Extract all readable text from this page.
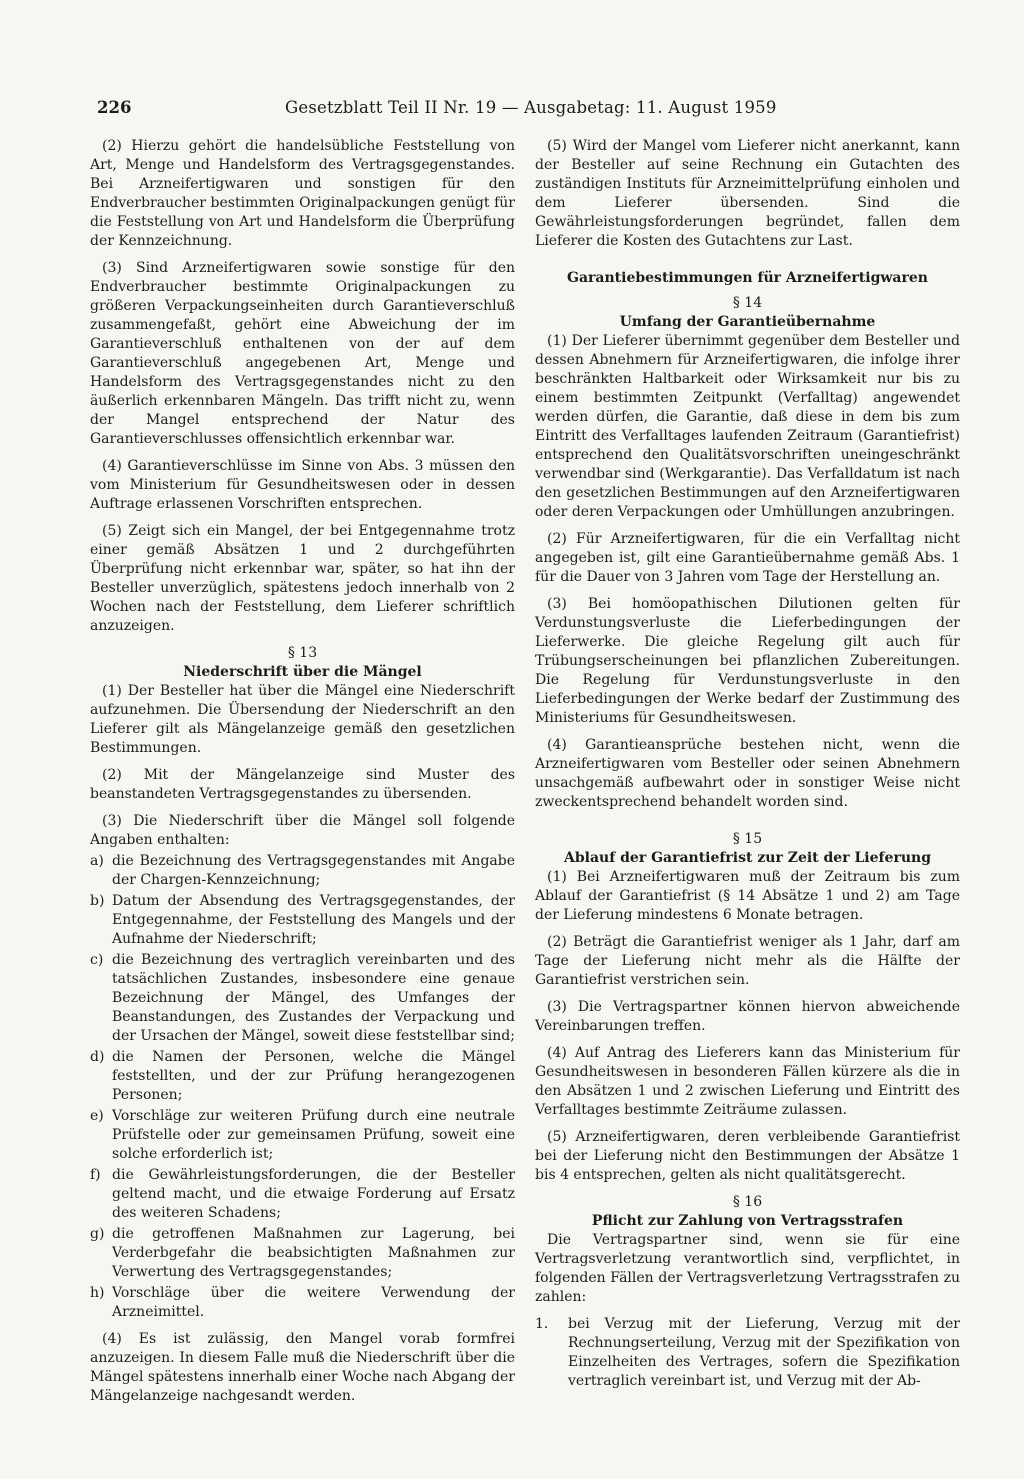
226	Gesetzblatt Teil II Nr. 19 — Ausgabetag: 11. August 1959

(2) Hierzu gehört die handelsübliche Feststellung von Art, Menge und Handelsform des Vertragsgegenstandes. Bei Arzneifertigwaren und sonstigen für den Endverbraucher bestimmten Originalpackungen genügt für die Feststellung von Art und Handelsform die Überprüfung der Kennzeichnung.

(3) Sind Arzneifertigwaren sowie sonstige für den Endverbraucher bestimmte Originalpackungen zu größeren Verpackungseinheiten durch Garantieverschluß zusammengefaßt, gehört eine Abweichung der im Garantieverschluß enthaltenen von der auf dem Garantieverschluß angegebenen Art, Menge und Handelsform des Vertragsgegenstandes nicht zu den äußerlich erkennbaren Mängeln. Das trifft nicht zu, wenn der Mangel entsprechend der Natur des Garantieverschlusses offensichtlich erkennbar war.

(4) Garantieverschlüsse im Sinne von Abs. 3 müssen den vom Ministerium für Gesundheitswesen oder in dessen Auftrage erlassenen Vorschriften entsprechen.

(5) Zeigt sich ein Mangel, der bei Entgegennahme trotz einer gemäß Absätzen 1 und 2 durchgeführten Überprüfung nicht erkennbar war, später, so hat ihn der Besteller unverzüglich, spätestens jedoch innerhalb von 2 Wochen nach der Feststellung, dem Lieferer schriftlich anzuzeigen.

§ 13
Niederschrift über die Mängel

(1) Der Besteller hat über die Mängel eine Niederschrift aufzunehmen. Die Übersendung der Niederschrift an den Lieferer gilt als Mängelanzeige gemäß den gesetzlichen Bestimmungen.

(2) Mit der Mängelanzeige sind Muster des beanstandeten Vertragsgegenstandes zu übersenden.

(3) Die Niederschrift über die Mängel soll folgende Angaben enthalten:

a) die Bezeichnung des Vertragsgegenstandes mit Angabe der Chargen-Kennzeichnung;
b) Datum der Absendung des Vertragsgegenstandes, der Entgegennahme, der Feststellung des Mangels und der Aufnahme der Niederschrift;
c) die Bezeichnung des vertraglich vereinbarten und des tatsächlichen Zustandes, insbesondere eine genaue Bezeichnung der Mängel, des Umfanges der Beanstandungen, des Zustandes der Verpackung und der Ursachen der Mängel, soweit diese feststellbar sind;
d) die Namen der Personen, welche die Mängel feststellten, und der zur Prüfung herangezogenen Personen;
e) Vorschläge zur weiteren Prüfung durch eine neutrale Prüfstelle oder zur gemeinsamen Prüfung, soweit eine solche erforderlich ist;
f) die Gewährleistungsforderungen, die der Besteller geltend macht, und die etwaige Forderung auf Ersatz des weiteren Schadens;
g) die getroffenen Maßnahmen zur Lagerung, bei Verderbgefahr die beabsichtigten Maßnahmen zur Verwertung des Vertragsgegenstandes;
h) Vorschläge über die weitere Verwendung der Arzneimittel.

(4) Es ist zulässig, den Mangel vorab formfrei anzuzeigen. In diesem Falle muß die Niederschrift über die Mängel spätestens innerhalb einer Woche nach Abgang der Mängelanzeige nachgesandt werden.

(5) Wird der Mangel vom Lieferer nicht anerkannt, kann der Besteller auf seine Rechnung ein Gutachten des zuständigen Instituts für Arzneimittelprüfung einholen und dem Lieferer übersenden. Sind die Gewährleistungsforderungen begründet, fallen dem Lieferer die Kosten des Gutachtens zur Last.

Garantiebestimmungen für Arzneifertigwaren
§ 14
Umfang der Garantieübernahme

(1) Der Lieferer übernimmt gegenüber dem Besteller und dessen Abnehmern für Arzneifertigwaren, die infolge ihrer beschränkten Haltbarkeit oder Wirksamkeit nur bis zu einem bestimmten Zeitpunkt (Verfalltag) angewendet werden dürfen, die Garantie, daß diese in dem bis zum Eintritt des Verfalltages laufenden Zeitraum (Garantiefrist) entsprechend den Qualitätsvorschriften uneingeschränkt verwendbar sind (Werkgarantie). Das Verfalldatum ist nach den gesetzlichen Bestimmungen auf den Arzneifertigwaren oder deren Verpackungen oder Umhüllungen anzubringen.

(2) Für Arzneifertigwaren, für die ein Verfalltag nicht angegeben ist, gilt eine Garantieübernahme gemäß Abs. 1 für die Dauer von 3 Jahren vom Tage der Herstellung an.

(3) Bei homöopathischen Dilutionen gelten für Verdunstungsverluste die Lieferbedingungen der Lieferwerke. Die gleiche Regelung gilt auch für Trübungserscheinungen bei pflanzlichen Zubereitungen. Die Regelung für Verdunstungsverluste in den Lieferbedingungen der Werke bedarf der Zustimmung des Ministeriums für Gesundheitswesen.

(4) Garantieansprüche bestehen nicht, wenn die Arzneifertigwaren vom Besteller oder seinen Abnehmern unsachgemäß aufbewahrt oder in sonstiger Weise nicht zweckentsprechend behandelt worden sind.

§ 15
Ablauf der Garantiefrist zur Zeit der Lieferung

(1) Bei Arzneifertigwaren muß der Zeitraum bis zum Ablauf der Garantiefrist (§ 14 Absätze 1 und 2) am Tage der Lieferung mindestens 6 Monate betragen.

(2) Beträgt die Garantiefrist weniger als 1 Jahr, darf am Tage der Lieferung nicht mehr als die Hälfte der Garantiefrist verstrichen sein.

(3) Die Vertragspartner können hiervon abweichende Vereinbarungen treffen.

(4) Auf Antrag des Lieferers kann das Ministerium für Gesundheitswesen in besonderen Fällen kürzere als die in den Absätzen 1 und 2 zwischen Lieferung und Eintritt des Verfalltages bestimmte Zeiträume zulassen.

(5) Arzneifertigwaren, deren verbleibende Garantiefrist bei der Lieferung nicht den Bestimmungen der Absätze 1 bis 4 entsprechen, gelten als nicht qualitätsgerecht.

§ 16
Pflicht zur Zahlung von Vertragsstrafen

Die Vertragspartner sind, wenn sie für eine Vertragsverletzung verantwortlich sind, verpflichtet, in folgenden Fällen der Vertragsverletzung Vertragsstrafen zu zahlen:

1.	bei Verzug mit der Lieferung, Verzug mit der Rechnungserteilung, Verzug mit der Spezifikation von Einzelheiten des Vertrages, sofern die Spezifikation vertraglich vereinbart ist, und Verzug mit der Ab-
